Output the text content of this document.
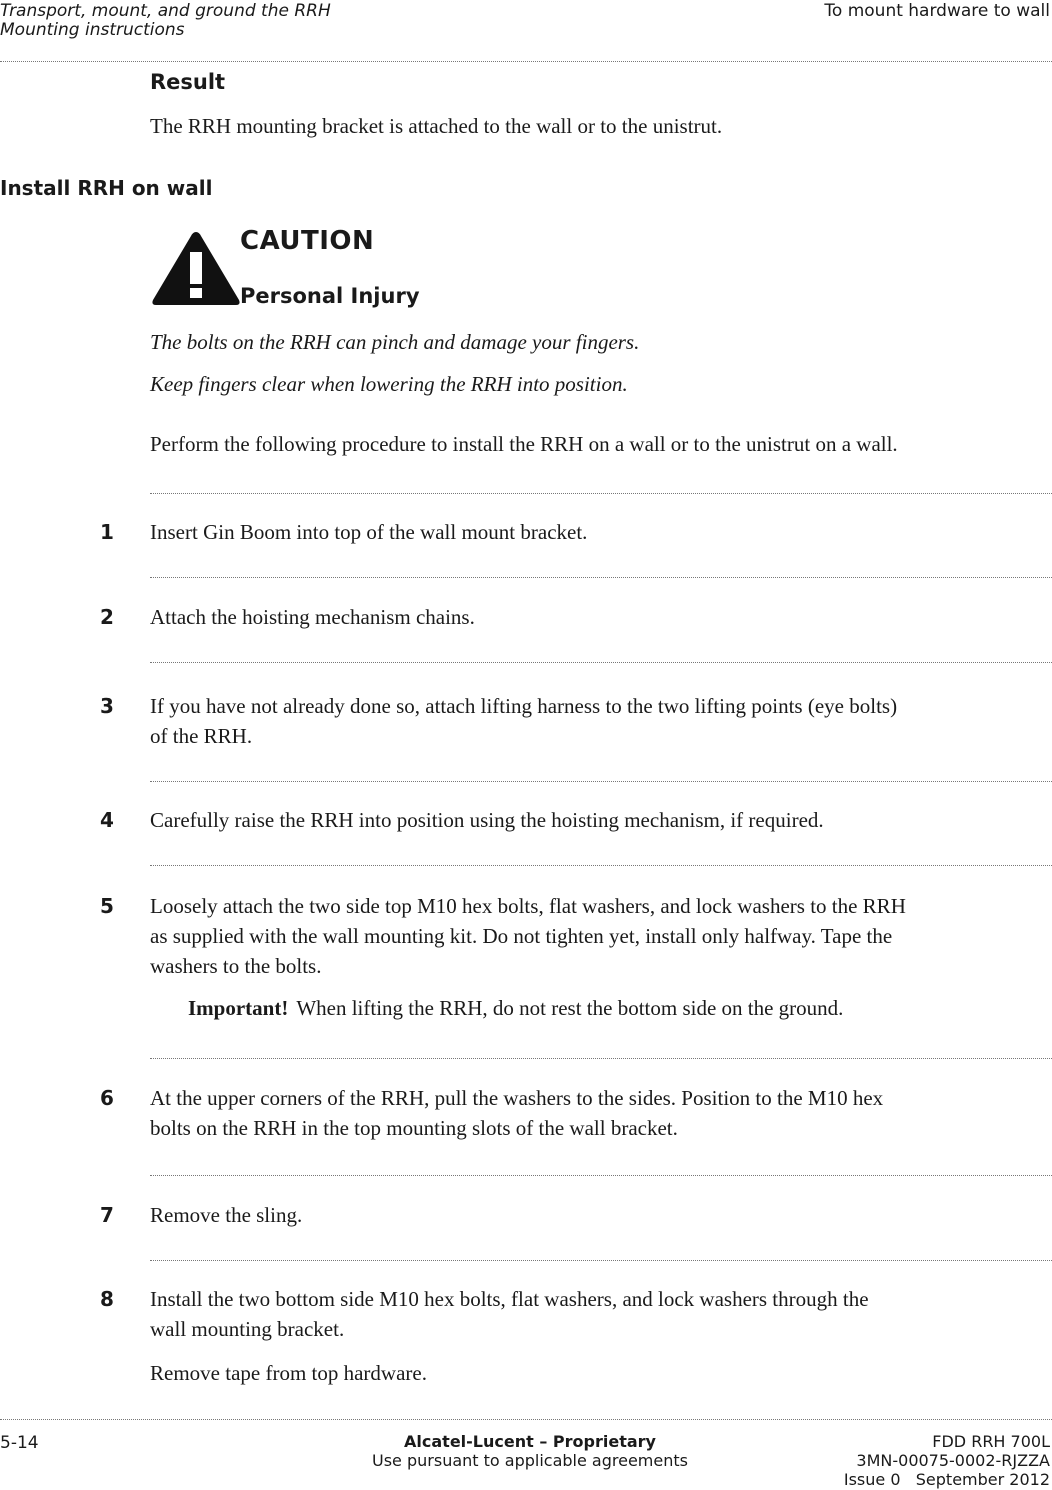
Transport, mount, and ground the RRH
Mounting instructions
To mount hardware to wall
Result
The RRH mounting bracket is attached to the wall or to the unistrut.
Install RRH on wall
CAUTION
Personal Injury
The bolts on the RRH can pinch and damage your fingers.
Keep fingers clear when lowering the RRH into position.
Perform the following procedure to install the RRH on a wall or to the unistrut on a wall.
1 Insert Gin Boom into top of the wall mount bracket.
2 Attach the hoisting mechanism chains.
3 If you have not already done so, attach lifting harness to the two lifting points (eye bolts)
of the RRH.
4 Carefully raise the RRH into position using the hoisting mechanism, if required.
5 Loosely attach the two side top M10 hex bolts, flat washers, and lock washers to the RRH
as supplied with the wall mounting kit. Do not tighten yet, install only halfway. Tape the
washers to the bolts.
Important! When lifting the RRH, do not rest the bottom side on the ground.
6 At the upper corners of the RRH, pull the washers to the sides. Position to the M10 hex
bolts on the RRH in the top mounting slots of the wall bracket.
7 Remove the sling.
8 Install the two bottom side M10 hex bolts, flat washers, and lock washers through the
wall mounting bracket.
Remove tape from top hardware.
5-14	Alcatel-Lucent – Proprietary
Use pursuant to applicable agreements
FDD RRH 700L
3MN-00075-0002-RJZZA
Issue 0   September 2012
